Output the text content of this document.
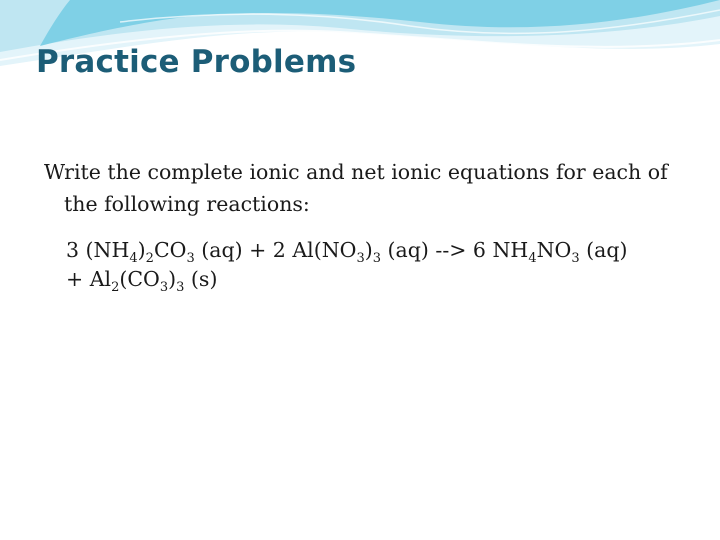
Practice Problems

Write the complete ionic and net ionic equations for each of the following reactions:

3 $(NH_4)_2CO_3$ (aq) + 2 $Al(NO_3)_3$ (aq) --> 6 $NH_4NO_3$ (aq)
+ $Al_2(CO_3)_3$ (s)
